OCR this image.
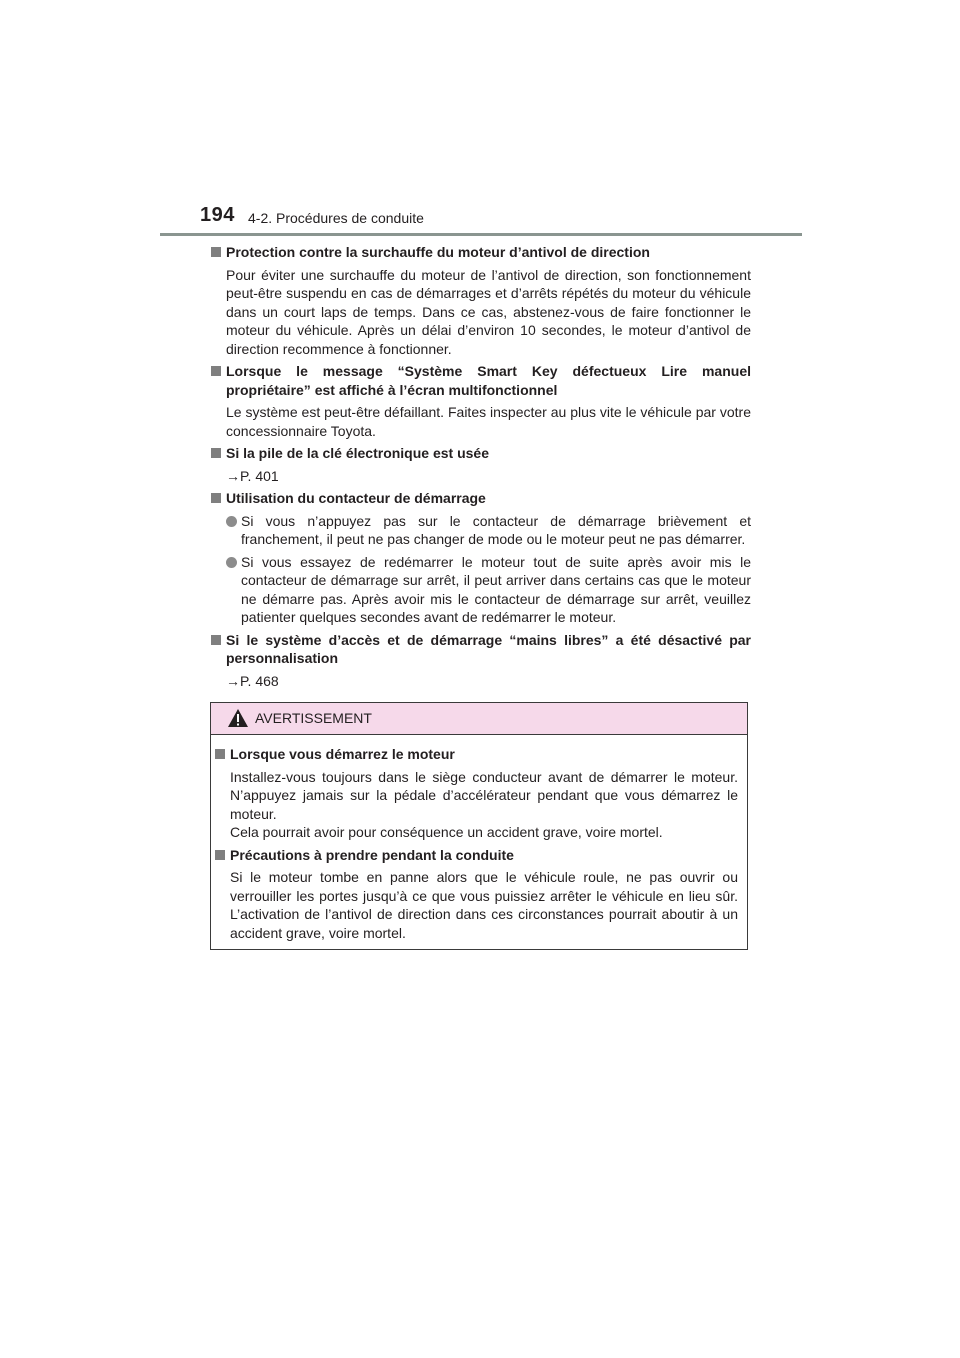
194 4-2. Procédures de conduite
Protection contre la surchauffe du moteur d’antivol de direction
Pour éviter une surchauffe du moteur de l’antivol de direction, son fonctionnement peut-être suspendu en cas de démarrages et d’arrêts répétés du moteur du véhicule dans un court laps de temps. Dans ce cas, abstenez-vous de faire fonctionner le moteur du véhicule. Après un délai d’environ 10 secondes, le moteur d’antivol de direction recommence à fonctionner.
Lorsque le message “Système Smart Key défectueux Lire manuel propriétaire” est affiché à l’écran multifonctionnel
Le système est peut-être défaillant. Faites inspecter au plus vite le véhicule par votre concessionnaire Toyota.
Si la pile de la clé électronique est usée
→P. 401
Utilisation du contacteur de démarrage
Si vous n’appuyez pas sur le contacteur de démarrage brièvement et franchement, il peut ne pas changer de mode ou le moteur peut ne pas démarrer.
Si vous essayez de redémarrer le moteur tout de suite après avoir mis le contacteur de démarrage sur arrêt, il peut arriver dans certains cas que le moteur ne démarre pas. Après avoir mis le contacteur de démarrage sur arrêt, veuillez patienter quelques secondes avant de redémarrer le moteur.
Si le système d’accès et de démarrage “mains libres” a été désactivé par personnalisation
→P. 468
AVERTISSEMENT
Lorsque vous démarrez le moteur
Installez-vous toujours dans le siège conducteur avant de démarrer le moteur. N’appuyez jamais sur la pédale d’accélérateur pendant que vous démarrez le moteur.
Cela pourrait avoir pour conséquence un accident grave, voire mortel.
Précautions à prendre pendant la conduite
Si le moteur tombe en panne alors que le véhicule roule, ne pas ouvrir ou verrouiller les portes jusqu’à ce que vous puissiez arrêter le véhicule en lieu sûr. L’activation de l’antivol de direction dans ces circonstances pourrait aboutir à un accident grave, voire mortel.
